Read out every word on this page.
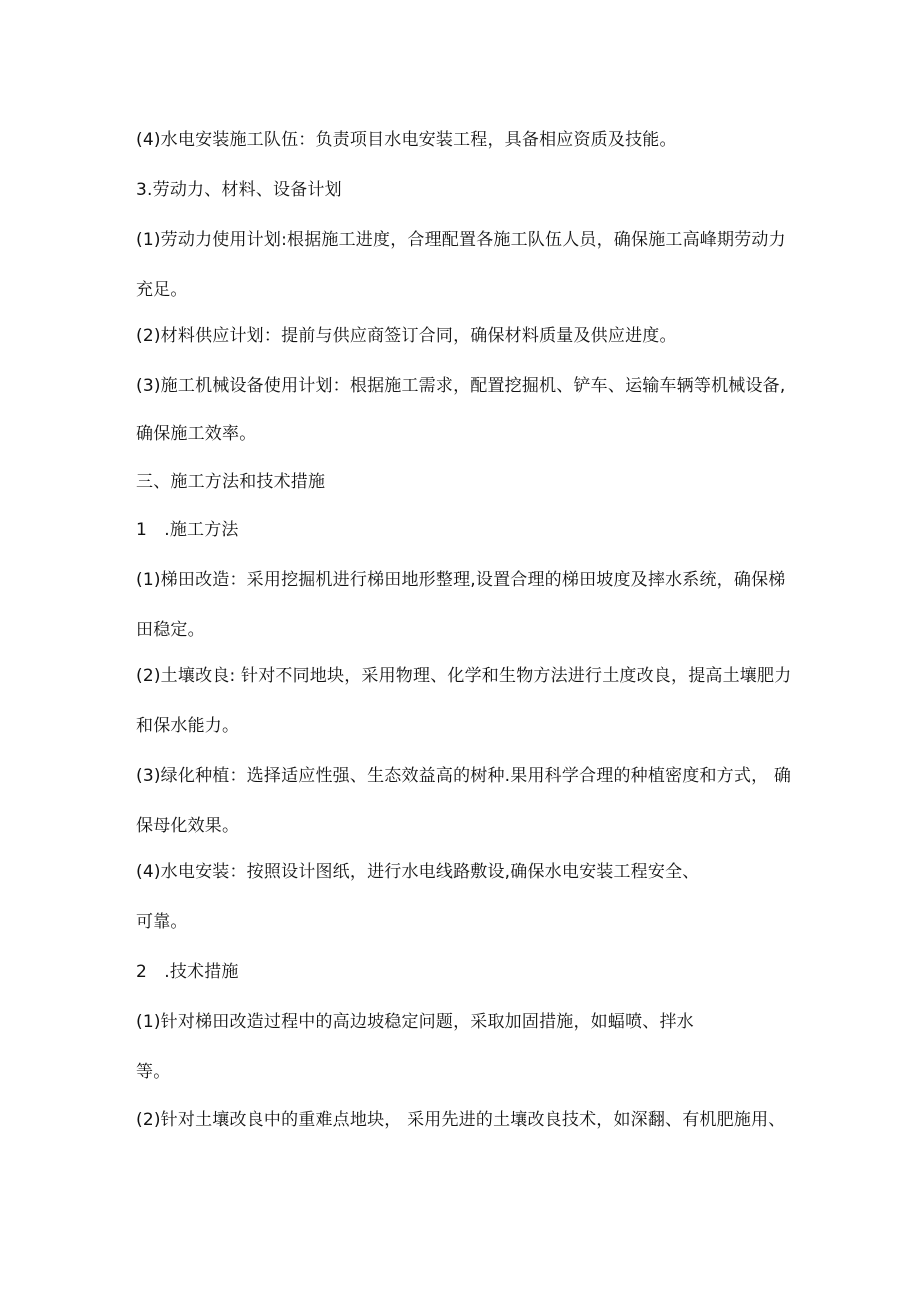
(4)水电安装施工队伍：负责项目水电安装工程，具备相应资质及技能。
3.劳动力、材料、设备计划
(1)劳动力使用计划:根据施工进度，合理配置各施工队伍人员，确保施工高峰期劳动力
充足。
(2)材料供应计划：提前与供应商签订合同，确保材料质量及供应进度。
(3)施工机械设备使用计划：根据施工需求，配置挖掘机、铲车、运输车辆等机械设备,
确保施工效率。
三、施工方法和技术措施
1　.施工方法
(1)梯田改造：采用挖掘机进行梯田地形整理,设置合理的梯田坡度及摔水系统，确保梯
田稳定。
(2)土壤改良: 针对不同地块，采用物理、化学和生物方法进行土度改良，提高土壤肥力
和保水能力。
(3)绿化种植：选择适应性强、生态效益高的树种.果用科学合理的种植密度和方式， 确
保母化效果。
(4)水电安装：按照设计图纸，进行水电线路敷设,确保水电安装工程安全、
可靠。
2　.技术措施
(1)针对梯田改造过程中的高边坡稳定问题，采取加固措施，如蝠喷、拌水
等。
(2)针对土壤改良中的重难点地块， 采用先进的土壤改良技术，如深翻、有机肥施用、
